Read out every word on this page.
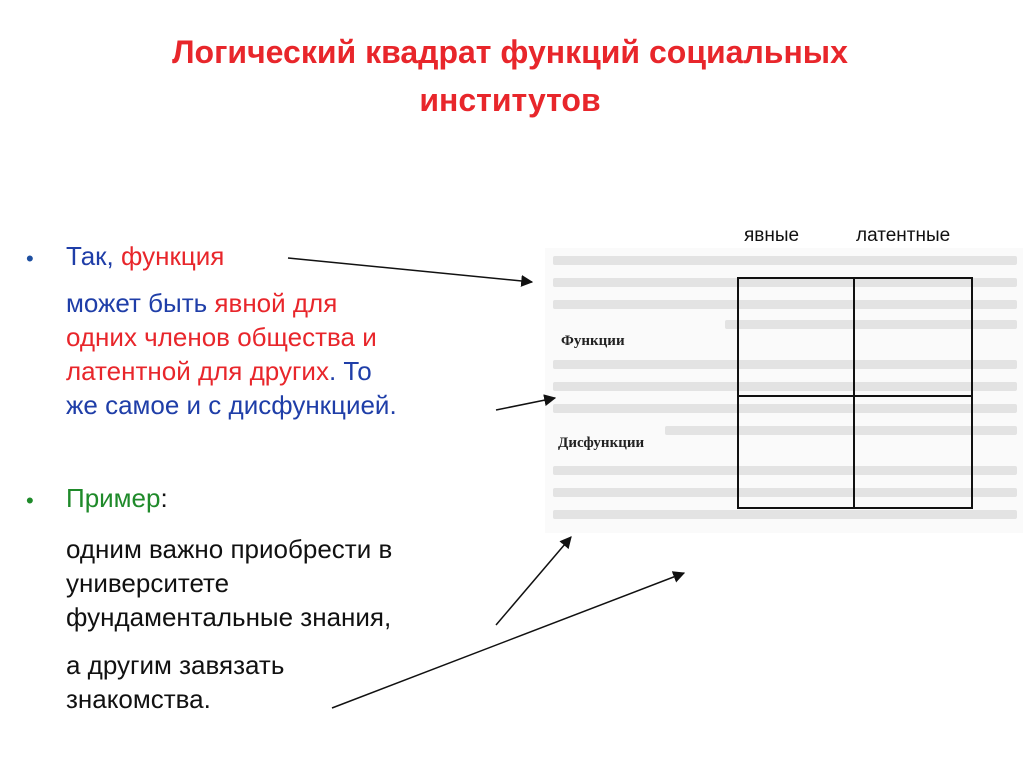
Логический квадрат функций социальных
институтов
• Так, функция
может быть явной для
одних членов общества и
латентной для других. То
же самое и с дисфункцией.
• Пример:
одним важно приобрести в
университете
фундаментальные знания,
а другим завязать
знакомства.
явные	латентные
Функции
Дисфункции
